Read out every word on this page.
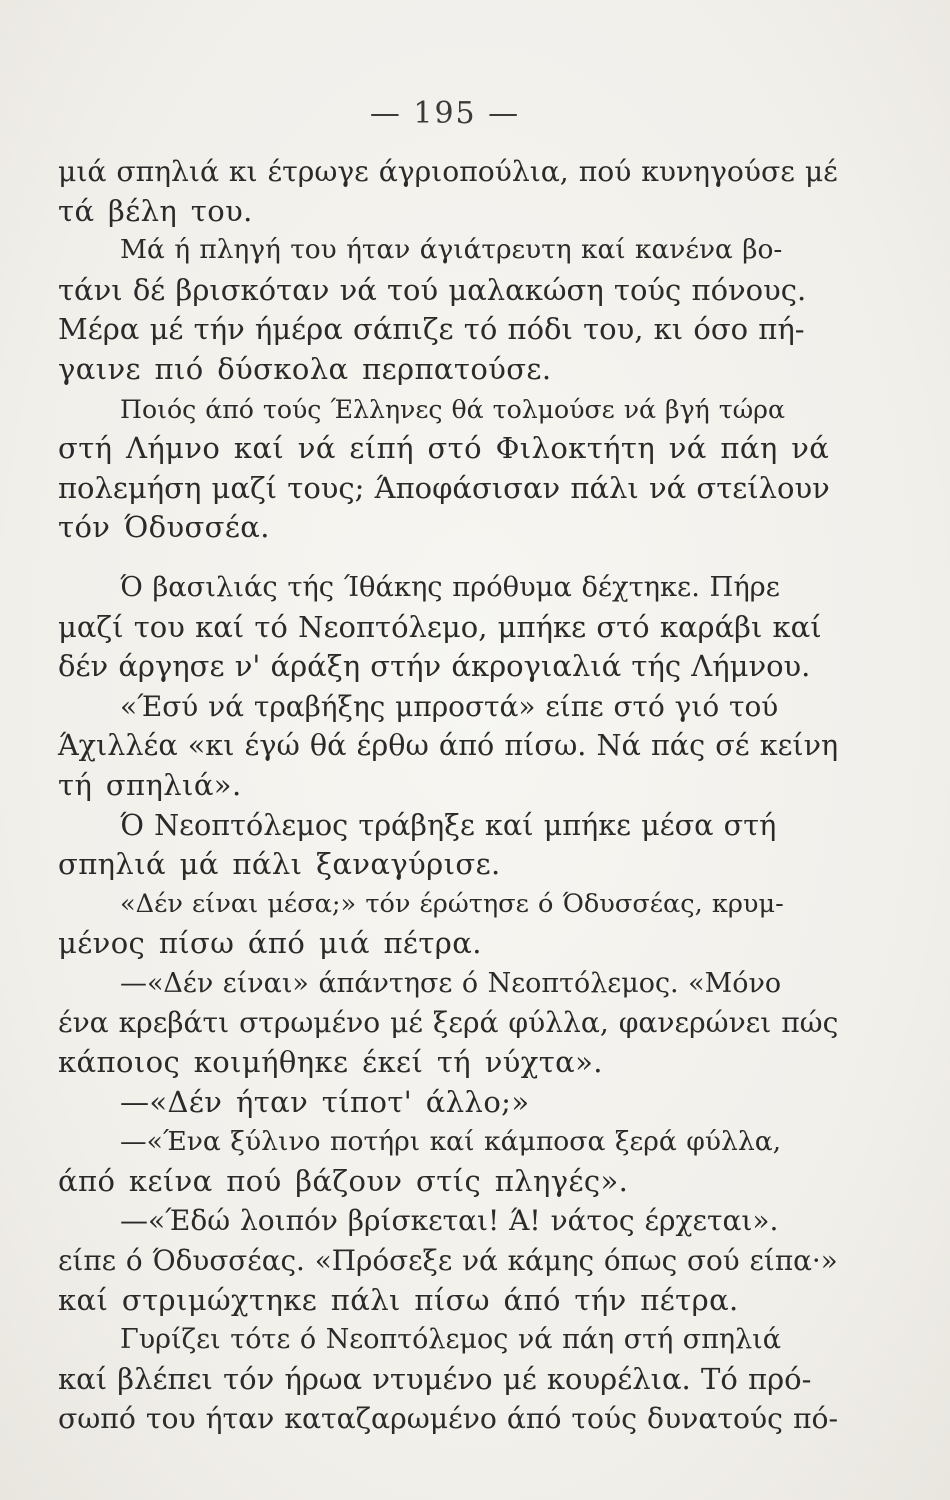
— 195 —
μιά σπηλιά κι έτρωγε άγριοπούλια, πού κυνηγούσε μέ
τά βέλη του.
Μά ή πληγή του ήταν άγιάτρευτη καί κανένα βο-
τάνι δέ βρισκόταν νά τού μαλακώση τούς πόνους.
Μέρα μέ τήν ήμέρα σάπιζε τό πόδι του, κι όσο πή-
γαινε πιό δύσκολα περπατούσε.
Ποιός άπό τούς Έλληνες θά τολμούσε νά βγή τώρα
στή Λήμνο καί νά είπή στό Φιλοκτήτη νά πάη νά
πολεμήση μαζί τους; Άποφάσισαν πάλι νά στείλουν
τόν Όδυσσέα.
Ό βασιλιάς τής Ίθάκης πρόθυμα δέχτηκε. Πήρε
μαζί του καί τό Νεοπτόλεμο, μπήκε στό καράβι καί
δέν άργησε ν' άράξη στήν άκρογιαλιά τής Λήμνου.
«Έσύ νά τραβήξης μπροστά» είπε στό γιό τού
Άχιλλέα «κι έγώ θά έρθω άπό πίσω. Νά πάς σέ κείνη
τή σπηλιά».
Ό Νεοπτόλεμος τράβηξε καί μπήκε μέσα στή
σπηλιά μά πάλι ξαναγύρισε.
«Δέν είναι μέσα;» τόν έρώτησε ό Όδυσσέας, κρυμ-
μένος πίσω άπό μιά πέτρα.
—«Δέν είναι» άπάντησε ό Νεοπτόλεμος. «Μόνο
ένα κρεβάτι στρωμένο μέ ξερά φύλλα, φανερώνει πώς
κάποιος κοιμήθηκε έκεί τή νύχτα».
—«Δέν ήταν τίποτ' άλλο;»
—«Ένα ξύλινο ποτήρι καί κάμποσα ξερά φύλλα,
άπό κείνα πού βάζουν στίς πληγές».
—«Έδώ λοιπόν βρίσκεται! Ά! νάτος έρχεται».
είπε ό Όδυσσέας. «Πρόσεξε νά κάμης όπως σού είπα·»
καί στριμώχτηκε πάλι πίσω άπό τήν πέτρα.
Γυρίζει τότε ό Νεοπτόλεμος νά πάη στή σπηλιά
καί βλέπει τόν ήρωα ντυμένο μέ κουρέλια. Τό πρό-
σωπό του ήταν καταζαρωμένο άπό τούς δυνατούς πό-
